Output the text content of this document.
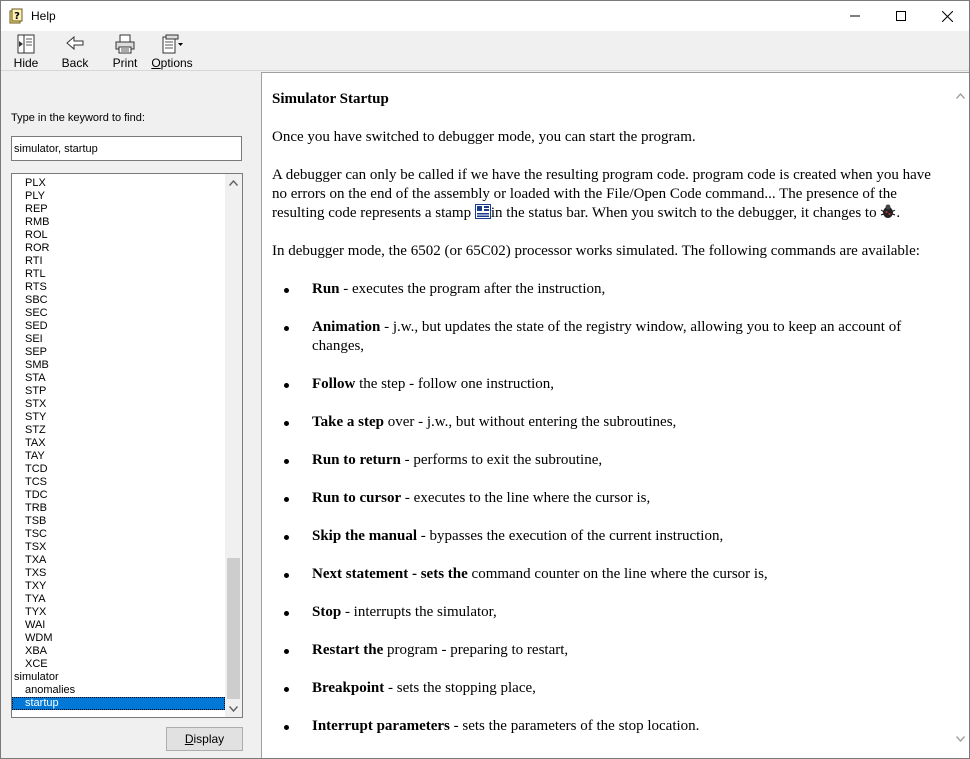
? Help
Hide Back Print Options
Type in the keyword to find:
simulator, startup
PLX
PLY
REP
RMB
ROL
ROR
RTI
RTL
RTS
SBC
SEC
SED
SEI
SEP
SMB
STA
STP
STX
STY
STZ
TAX
TAY
TCD
TCS
TDC
TRB
TSB
TSC
TSX
TXA
TXS
TXY
TYA
TYX
WAI
WDM
XBA
XCE
simulator
anomalies
startup
Display
Simulator Startup
Once you have switched to debugger mode, you can start the program.
A debugger can only be called if we have the resulting program code. program code is created when you have no errors on the end of the assembly or loaded with the File/Open Code command... The presence of the resulting code represents a stamp in the status bar. When you switch to the debugger, it changes to .
In debugger mode, the 6502 (or 65C02) processor works simulated. The following commands are available:
Run - executes the program after the instruction,
Animation - j.w., but updates the state of the registry window, allowing you to keep an account of changes,
Follow the step - follow one instruction,
Take a step over - j.w., but without entering the subroutines,
Run to return - performs to exit the subroutine,
Run to cursor - executes to the line where the cursor is,
Skip the manual - bypasses the execution of the current instruction,
Next statement - sets the command counter on the line where the cursor is,
Stop - interrupts the simulator,
Restart the program - preparing to restart,
Breakpoint - sets the stopping place,
Interrupt parameters - sets the parameters of the stop location.
